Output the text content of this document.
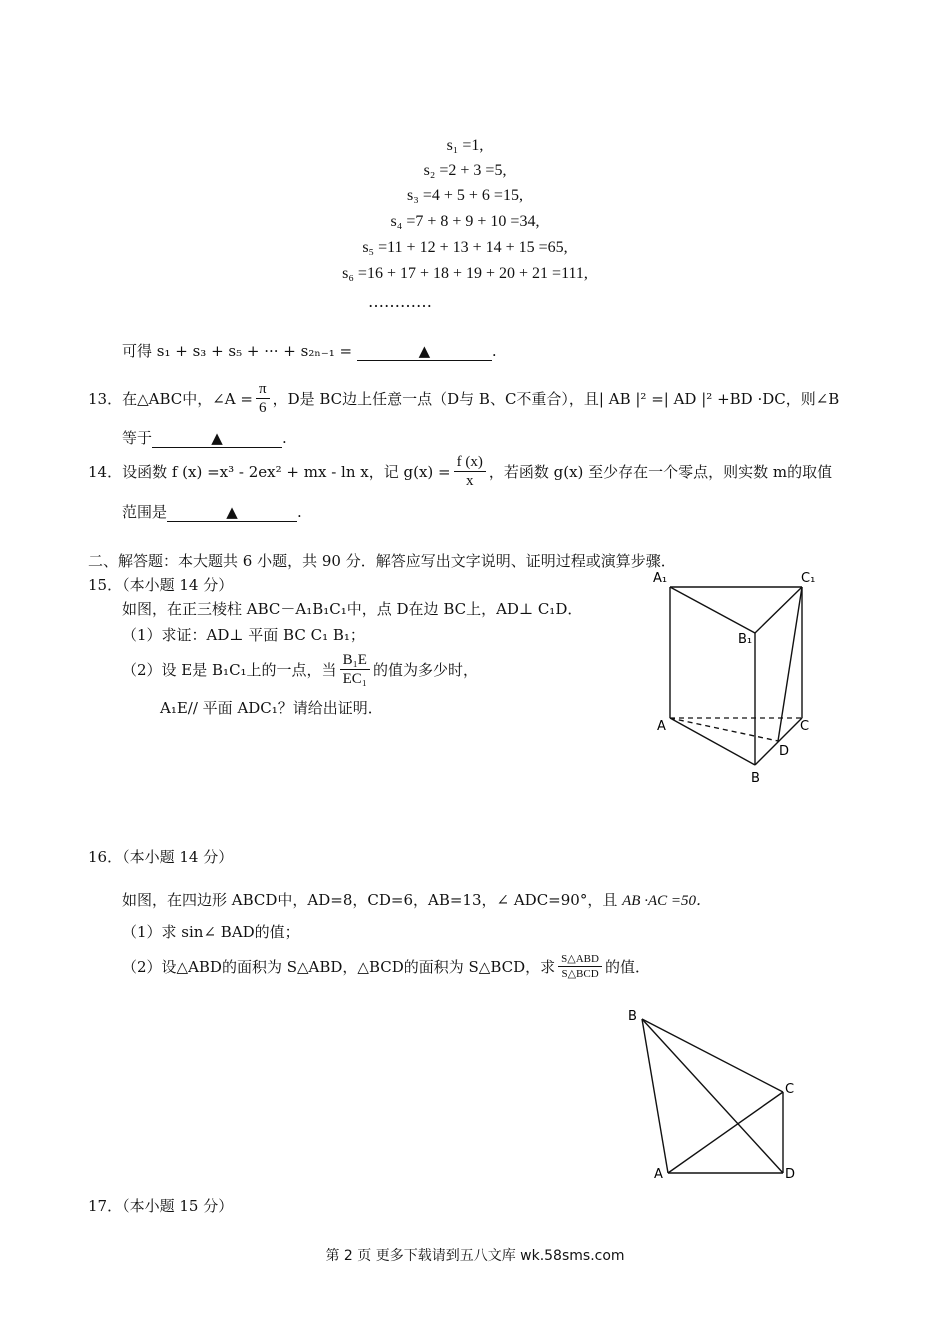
s₁ =1,
s₂ =2 + 3 =5,
s₃ =4 + 5 + 6 =15,
s₄ =7 + 8 + 9 + 10 =34,
s₅ =11 + 12 + 13 + 14 + 15 =65,
s₆ =16 + 17 + 18 + 19 + 20 + 21 =111,
…………
可得 s₁ + s₃ + s₅ + ··· + s₂ₙ₋₁ =	▲	.
13． 在△ABC中，∠A = $\frac{\pi}{6}$ ，D是 BC边上任意一点（D与 B、C不重合），且| AB |² =| AD |² +BD ·DC，则∠B
等于	▲	.
14． 设函数 f (x) =x³ - 2ex² + mx - ln x，记 $g(x) = \frac{f (x)}{x}$ ，若函数 g(x) 至少存在一个零点，则实数 m的取值
范围是	▲	.
二、解答题：本大题共 6 小题，共 90 分．解答应写出文字说明、证明过程或演算步骤．
15．（本小题 14 分）
如图，在正三棱柱 ABC－A₁B₁C₁中，点 D在边 BC上，AD⊥ C₁D．
（1）求证：AD⊥ 平面 BC C₁ B₁；
（2）设 E是 B₁C₁上的一点，当 $\frac{\text{B₁E}}{\text{EC₁}}$ 的值为多少时，
A₁E// 平面 ADC₁？请给出证明．
A₁	C₁
B₁
A	C
D
B
16．（本小题 14 分）
如图，在四边形 ABCD中，AD=8，CD=6，AB=13，∠ ADC=90°，且 AB ·AC =50．
（1）求 sin∠ BAD的值；
（2）设△ABD的面积为 S△ABD，△BCD的面积为 S△BCD，求 $\frac{\text{S△ABD}}{\text{S△BCD}}$ 的值．
B
C
A	D
17．（本小题 15 分）
第 2 页 更多下载请到五八文库 wk.58sms.com
